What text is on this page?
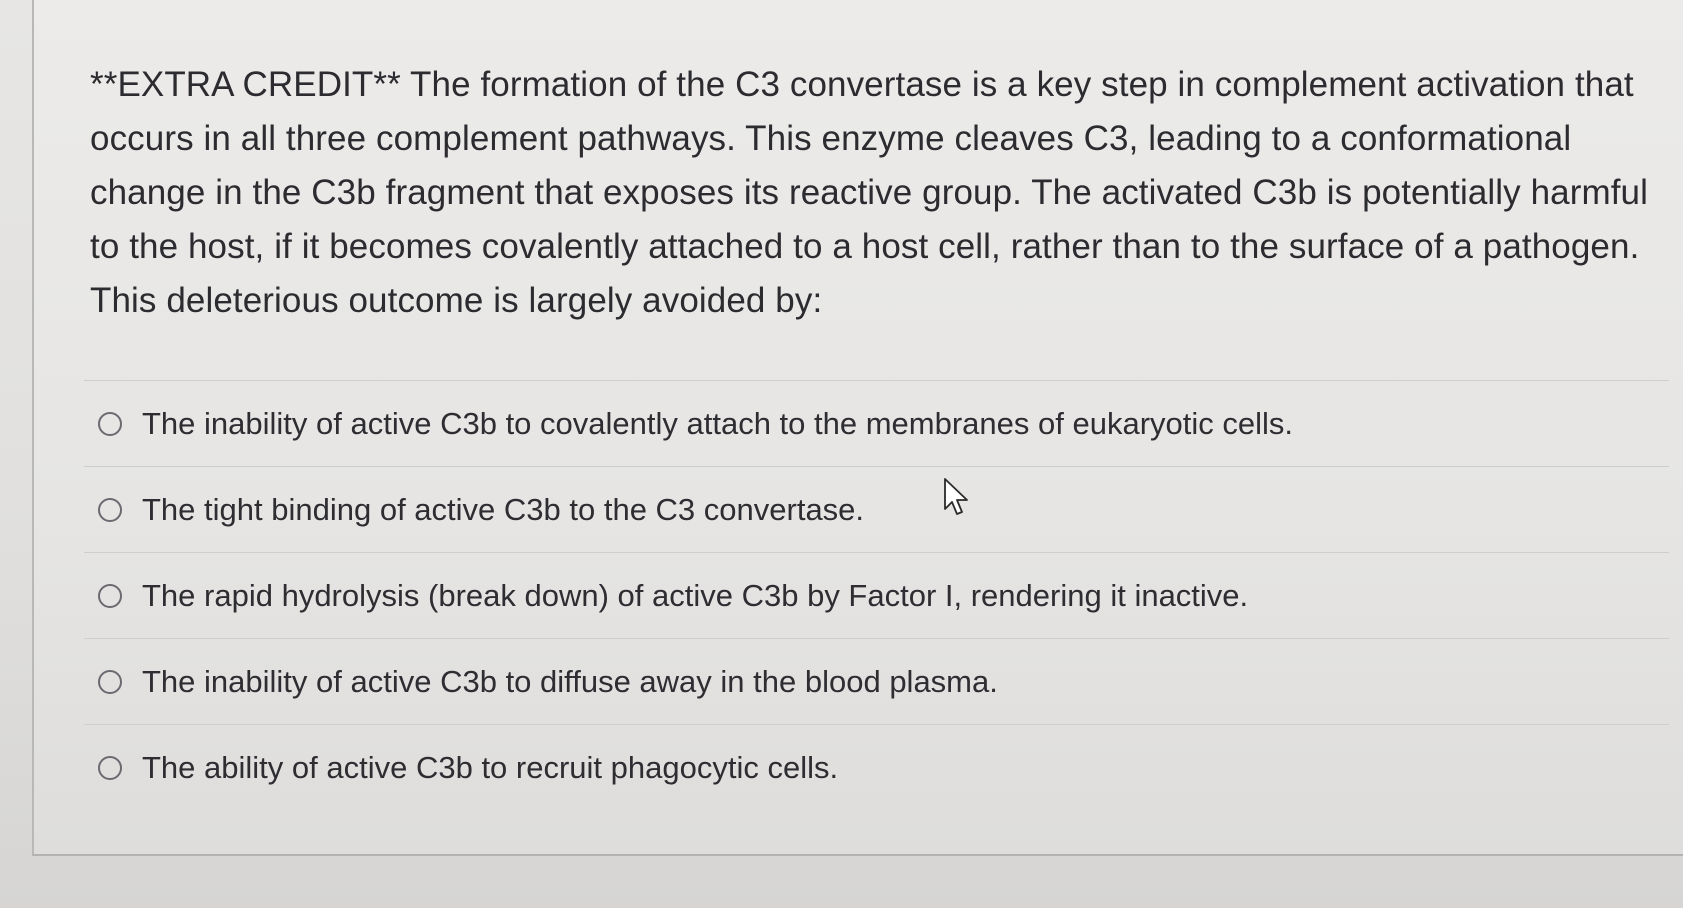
**EXTRA CREDIT** The formation of the C3 convertase is a key step in complement activation that occurs in all three complement pathways. This enzyme cleaves C3, leading to a conformational change in the C3b fragment that exposes its reactive group. The activated C3b is potentially harmful to the host, if it becomes covalently attached to a host cell, rather than to the surface of a pathogen. This deleterious outcome is largely avoided by:

The inability of active C3b to covalently attach to the membranes of eukaryotic cells.
The tight binding of active C3b to the C3 convertase.
The rapid hydrolysis (break down) of active C3b by Factor I, rendering it inactive.
The inability of active C3b to diffuse away in the blood plasma.
The ability of active C3b to recruit phagocytic cells.
